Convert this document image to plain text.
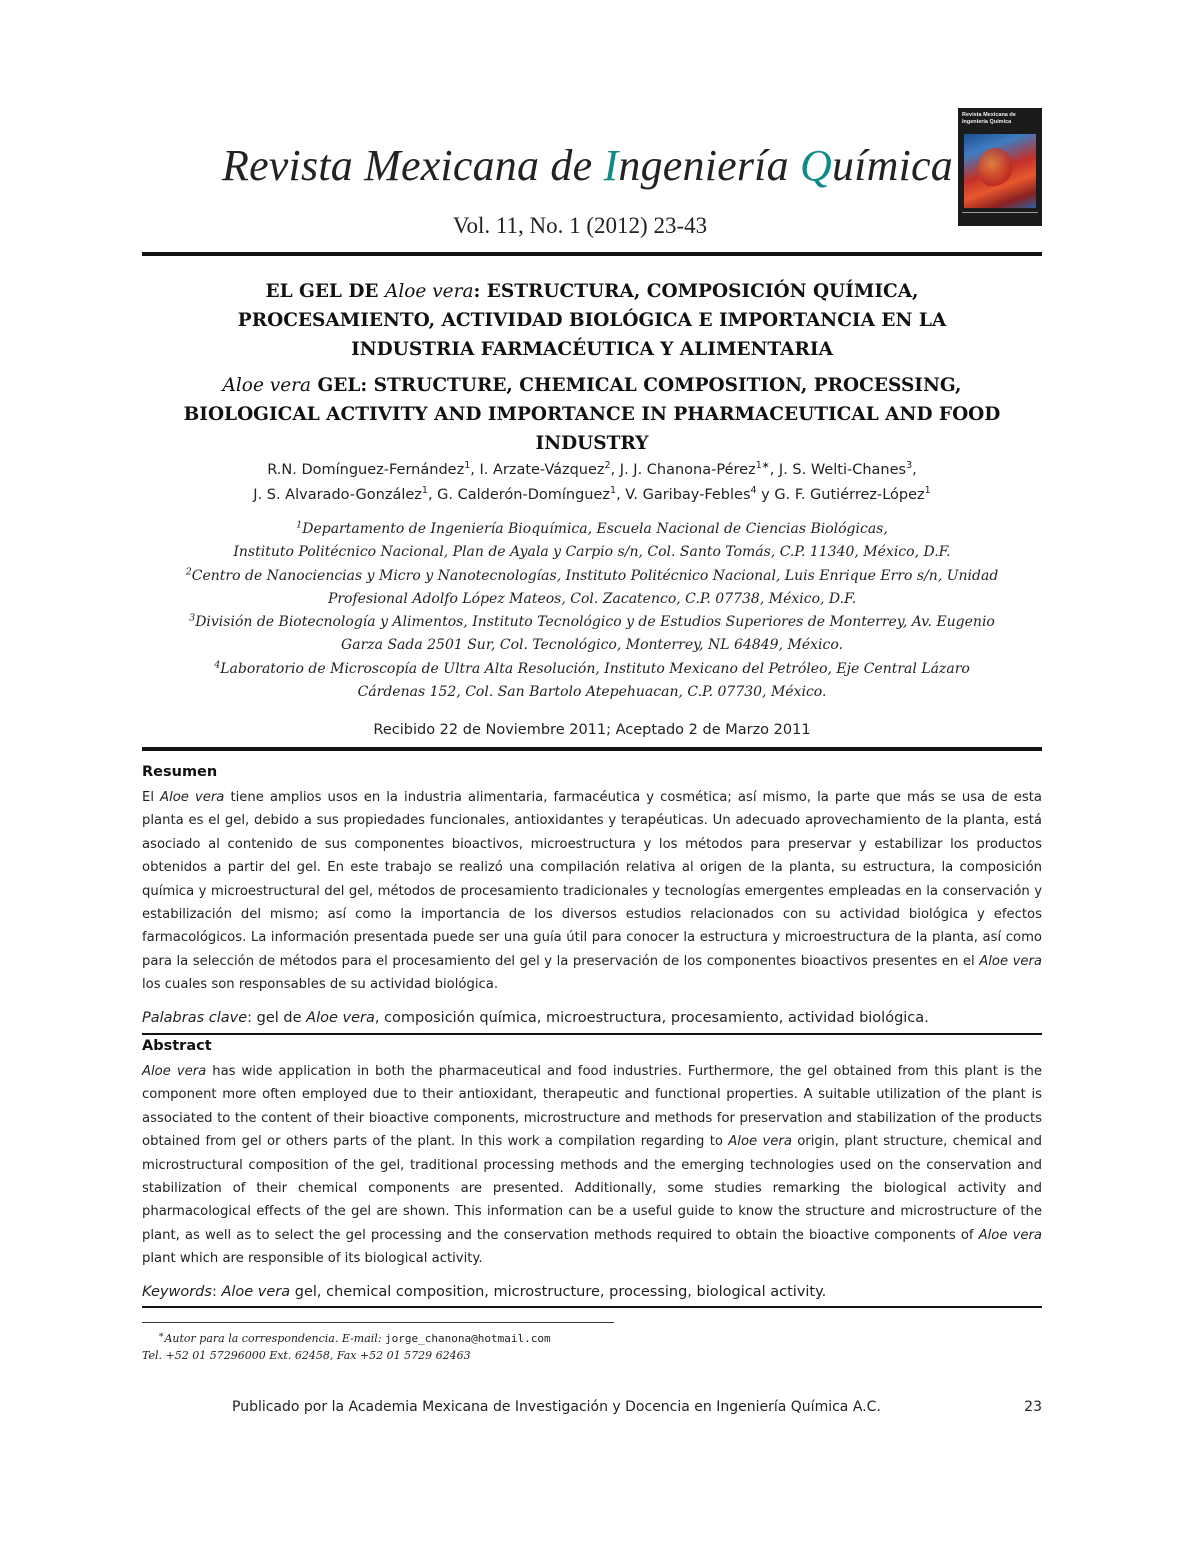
Revista Mexicana de Ingeniería Química
Revista Mexicana de Ingeniería Química
Vol. 11, No. 1 (2012) 23-43
EL GEL DE Aloe vera: ESTRUCTURA, COMPOSICIÓN QUÍMICA,
PROCESAMIENTO, ACTIVIDAD BIOLÓGICA E IMPORTANCIA EN LA
INDUSTRIA FARMACÉUTICA Y ALIMENTARIA
Aloe vera GEL: STRUCTURE, CHEMICAL COMPOSITION, PROCESSING,
BIOLOGICAL ACTIVITY AND IMPORTANCE IN PHARMACEUTICAL AND FOOD
INDUSTRY
R.N. Domínguez-Fernández$^1$, I. Arzate-Vázquez$^2$, J. J. Chanona-Pérez$^{1∗}$, J. S. Welti-Chanes$^3$,
J. S. Alvarado-González$^1$, G. Calderón-Domínguez$^1$, V. Garibay-Febles$^4$ y G. F. Gutiérrez-López$^1$
$^1$Departamento de Ingeniería Bioquímica, Escuela Nacional de Ciencias Biológicas,
Instituto Politécnico Nacional, Plan de Ayala y Carpio s/n, Col. Santo Tomás, C.P. 11340, México, D.F.
$^2$Centro de Nanociencias y Micro y Nanotecnologías, Instituto Politécnico Nacional, Luis Enrique Erro s/n, Unidad
Profesional Adolfo López Mateos, Col. Zacatenco, C.P. 07738, México, D.F.
$^3$División de Biotecnología y Alimentos, Instituto Tecnológico y de Estudios Superiores de Monterrey, Av. Eugenio
Garza Sada 2501 Sur, Col. Tecnológico, Monterrey, NL 64849, México.
$^4$Laboratorio de Microscopía de Ultra Alta Resolución, Instituto Mexicano del Petróleo, Eje Central Lázaro
Cárdenas 152, Col. San Bartolo Atepehuacan, C.P. 07730, México.
Recibido 22 de Noviembre 2011; Aceptado 2 de Marzo 2011
Resumen
El Aloe vera tiene amplios usos en la industria alimentaria, farmacéutica y cosmética; así mismo, la parte que más se usa de esta planta es el gel, debido a sus propiedades funcionales, antioxidantes y terapéuticas. Un adecuado aprovechamiento de la planta, está asociado al contenido de sus componentes bioactivos, microestructura y los métodos para preservar y estabilizar los productos obtenidos a partir del gel. En este trabajo se realizó una compilación relativa al origen de la planta, su estructura, la composición química y microestructural del gel, métodos de procesamiento tradicionales y tecnologías emergentes empleadas en la conservación y estabilización del mismo; así como la importancia de los diversos estudios relacionados con su actividad biológica y efectos farmacológicos. La información presentada puede ser una guía útil para conocer la estructura y microestructura de la planta, así como para la selección de métodos para el procesamiento del gel y la preservación de los componentes bioactivos presentes en el Aloe vera los cuales son responsables de su actividad biológica.
Palabras clave: gel de Aloe vera, composición química, microestructura, procesamiento, actividad biológica.
Abstract
Aloe vera has wide application in both the pharmaceutical and food industries. Furthermore, the gel obtained from this plant is the component more often employed due to their antioxidant, therapeutic and functional properties. A suitable utilization of the plant is associated to the content of their bioactive components, microstructure and methods for preservation and stabilization of the products obtained from gel or others parts of the plant. In this work a compilation regarding to Aloe vera origin, plant structure, chemical and microstructural composition of the gel, traditional processing methods and the emerging technologies used on the conservation and stabilization of their chemical components are presented. Additionally, some studies remarking the biological activity and pharmacological effects of the gel are shown. This information can be a useful guide to know the structure and microstructure of the plant, as well as to select the gel processing and the conservation methods required to obtain the bioactive components of Aloe vera plant which are responsible of its biological activity.
Keywords: Aloe vera gel, chemical composition, microstructure, processing, biological activity.
∗Autor para la correspondencia. E-mail: jorge_chanona@hotmail.com
Tel. +52 01 57296000 Ext. 62458, Fax +52 01 5729 62463
Publicado por la Academia Mexicana de Investigación y Docencia en Ingeniería Química A.C.	23
